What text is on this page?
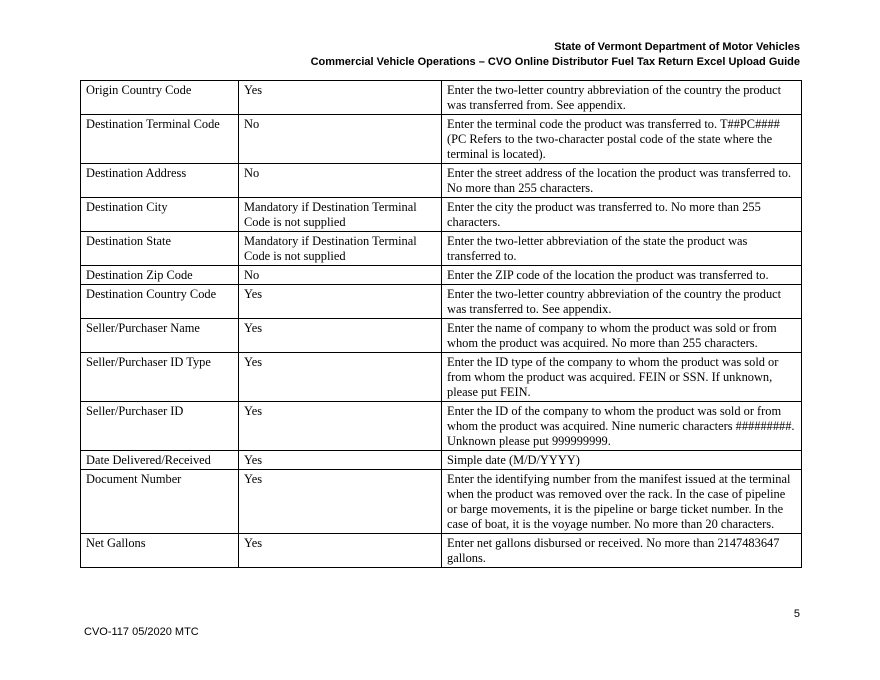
State of Vermont Department of Motor Vehicles
Commercial Vehicle Operations – CVO Online Distributor Fuel Tax Return Excel Upload Guide
Origin Country Code	Yes	Enter the two-letter country abbreviation of the country the product was transferred from. See appendix.
Destination Terminal Code	No	Enter the terminal code the product was transferred to. T##PC#### (PC Refers to the two-character postal code of the state where the terminal is located).
Destination Address	No	Enter the street address of the location the product was transferred to. No more than 255 characters.
Destination City	Mandatory if Destination Terminal Code is not supplied	Enter the city the product was transferred to. No more than 255 characters.
Destination State	Mandatory if Destination Terminal Code is not supplied	Enter the two-letter abbreviation of the state the product was transferred to.
Destination Zip Code	No	Enter the ZIP code of the location the product was transferred to.
Destination Country Code	Yes	Enter the two-letter country abbreviation of the country the product was transferred to. See appendix.
Seller/Purchaser Name	Yes	Enter the name of company to whom the product was sold or from whom the product was acquired. No more than 255 characters.
Seller/Purchaser ID Type	Yes	Enter the ID type of the company to whom the product was sold or from whom the product was acquired. FEIN or SSN. If unknown, please put FEIN.
Seller/Purchaser ID	Yes	Enter the ID of the company to whom the product was sold or from whom the product was acquired. Nine numeric characters #########. Unknown please put 999999999.
Date Delivered/Received	Yes	Simple date (M/D/YYYY)
Document Number	Yes	Enter the identifying number from the manifest issued at the terminal when the product was removed over the rack. In the case of pipeline or barge movements, it is the pipeline or barge ticket number. In the case of boat, it is the voyage number. No more than 20 characters.
Net Gallons	Yes	Enter net gallons disbursed or received. No more than 2147483647 gallons.
5
CVO-117 05/2020 MTC
